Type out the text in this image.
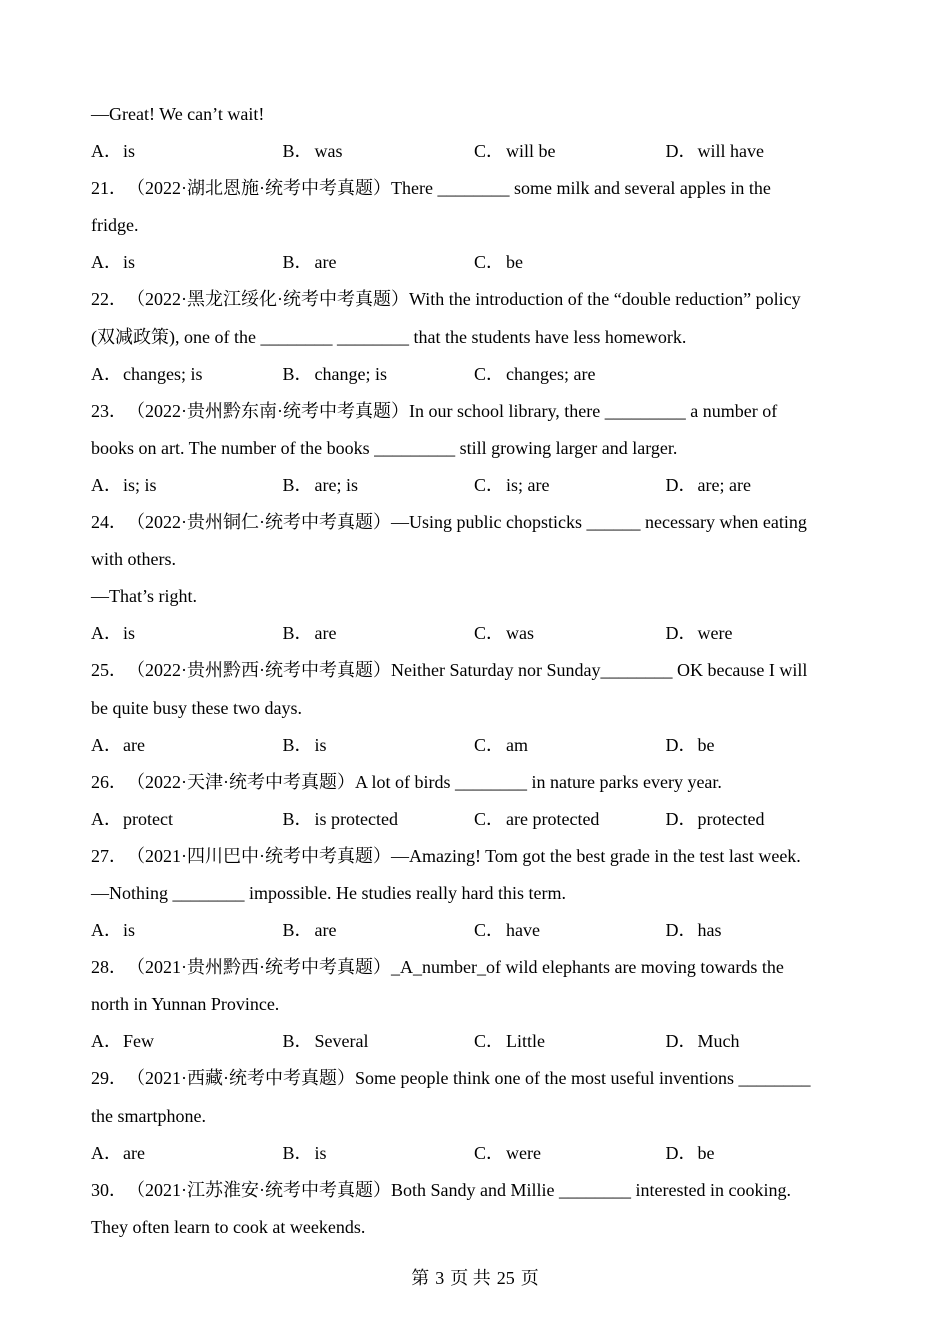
—Great! We can’t wait!
A．is	B． was	C． will be	D．will have
21．（2022·湖北恩施·统考中考真题）There ________ some milk and several apples in the
fridge.
A．is	B． are	C． be
22．（2022·黑龙江绥化·统考中考真题）With the introduction of the “double reduction” policy
(双减政策), one of the ________ ________ that the students have less homework.
A．changes; is	B． change; is	C． changes; are
23．（2022·贵州黔东南·统考中考真题）In our school library, there _________ a number of
books on art. The number of the books _________ still growing larger and larger.
A．is; is	B． are; is	C． is; are	D．are; are
24．（2022·贵州铜仁·统考中考真题）—Using public chopsticks ______ necessary when eating
with others.
—That’s right.
A．is	B． are	C． was	D．were
25．（2022·贵州黔西·统考中考真题）Neither Saturday nor Sunday________ OK because I will
be quite busy these two days.
A．are	B． is	C． am	D．be
26．（2022·天津·统考中考真题）A lot of birds ________ in nature parks every year.
A．protect	B． is protected	C． are protected	D．protected
27．（2021·四川巴中·统考中考真题）—Amazing! Tom got the best grade in the test last week.
—Nothing ________ impossible. He studies really hard this term.
A．is	B． are	C． have	D．has
28．（2021·贵州黔西·统考中考真题）_A_number_of wild elephants are moving towards the
north in Yunnan Province.
A．Few	B． Several	C． Little	D．Much
29．（2021·西藏·统考中考真题）Some people think one of the most useful inventions ________
the smartphone.
A．are	B． is	C． were	D．be
30．（2021·江苏淮安·统考中考真题）Both Sandy and Millie ________ interested in cooking.
They often learn to cook at weekends.
第 3 页 共 25 页
